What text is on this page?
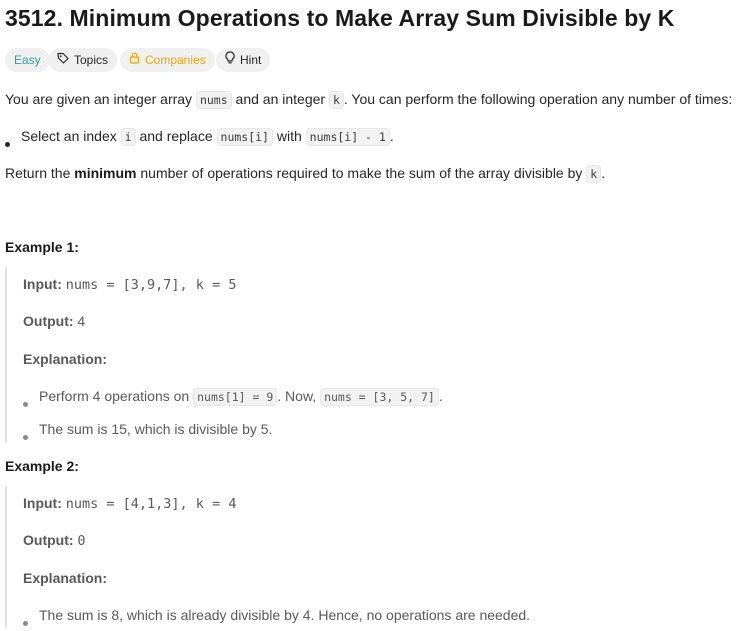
3512. Minimum Operations to Make Array Sum Divisible by K
Easy	Topics	Companies	Hint
You are given an integer array nums and an integer k . You can perform the following operation any number of times:
Select an index i and replace nums[i] with nums[i] - 1 .
Return the minimum number of operations required to make the sum of the array divisible by k .
Example 1:
Input: nums = [3,9,7], k = 5
Output: 4
Explanation:
Perform 4 operations on nums[1] = 9 . Now, nums = [3, 5, 7] .
The sum is 15, which is divisible by 5.
Example 2:
Input: nums = [4,1,3], k = 4
Output: 0
Explanation:
The sum is 8, which is already divisible by 4. Hence, no operations are needed.
